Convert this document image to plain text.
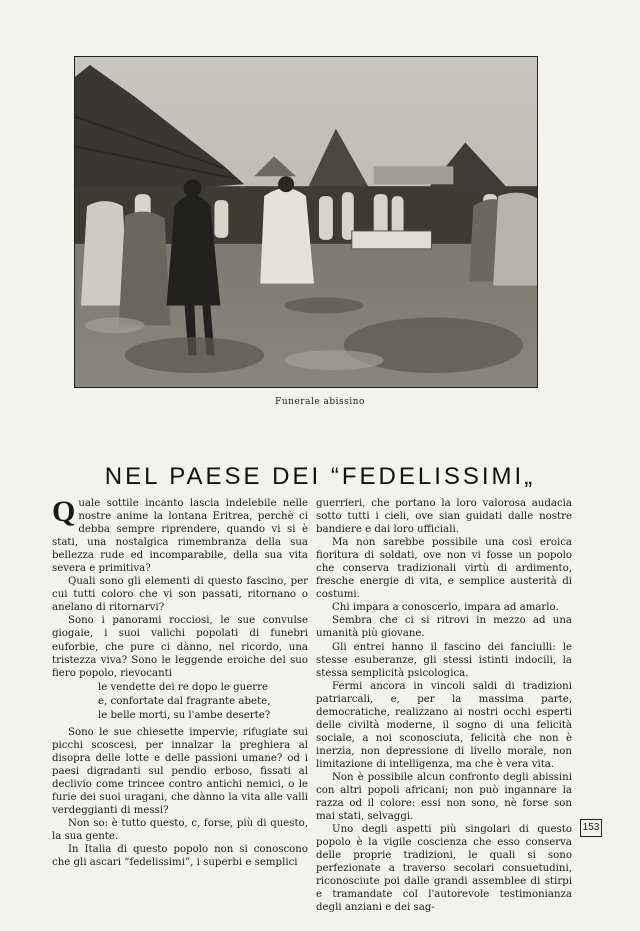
Funerale abissino
NEL PAESE DEI “FEDELISSIMI„

Quale sottile incanto lascia indelebile nelle nostre anime la lontana Eritrea, perchè ci debba sempre riprendere, quando vi si è stati, una nostalgica rimembranza della sua bellezza rude ed incomparabile, della sua vita severa e primitiva?

Quali sono gli elementi di questo fascino, per cui tutti coloro che vi son passati, ritornano o anelano di ritornarvi?

Sono i panorami rocciosi, le sue convulse giogaie, i suoi valichi popolati di funebri euforbie, che pure ci dànno, nel ricordo, una tristezza viva? Sono le leggende eroiche del suo fiero popolo, rievocanti

le vendette dei re dopo le guerre
e, confortate dal fragrante abete,
le belle morti, su l'ambe deserte?

Sono le sue chiesette impervie, rifugiate sui picchi scoscesi, per innalzar la preghiera al disopra delle lotte e delle passioni umane? od i paesi digradanti sul pendio erboso, fissati al declivio come trincee contro antichi nemici, o le furie dei suoi uragani, che dànno la vita alle valli verdeggianti di messi?

Non so: è tutto questo, c, forse, più di questo, la sua gente.

In Italia di questo popolo non si conoscono che gli ascari “fedelissimi”, i superbi e semplici

guerrieri, che portano la loro valorosa audacia sotto tutti i cieli, ove sian guidati dalle nostre bandiere e dai loro ufficiali.

Ma non sarebbe possibile una così eroica fioritura di soldati, ove non vi fosse un popolo che conserva tradizionali virtù di ardimento, fresche energie di vita, e semplice austerità di costumi.

Chi impara a conoscerlo, impara ad amarlo.

Sembra che ci si ritrovi in mezzo ad una umanità più giovane.

Gli entrei hanno il fascino dei fanciulli: le stesse esuberanze, gli stessi istinti indocili, la stessa semplicità psicologica.

Fermi ancora in vincoli saldi di tradizioni patriarcali, e, per la massima parte, democratiche, realizzano ai nostri occhi esperti delle civiltà moderne, il sogno di una felicità sociale, a noi sconosciuta, felicità che non è inerzia, non depressione di livello morale, non limitazione di intelligenza, ma che è vera vita.

Non è possibile alcun confronto degli abissini con altri popoli africani; non può ingannare la razza od il colore: essi non sono, nè forse son mai stati, selvaggi.

Uno degli aspetti più singolari di questo popolo è la vigile coscienza che esso conserva delle proprie tradizioni, le quali si sono perfezionate a traverso secolari consuetudini, riconosciute poi dalle grandi assemblee di stirpi e tramandate col l'autorevole testimonianza degli anziani e dei sag-

153
